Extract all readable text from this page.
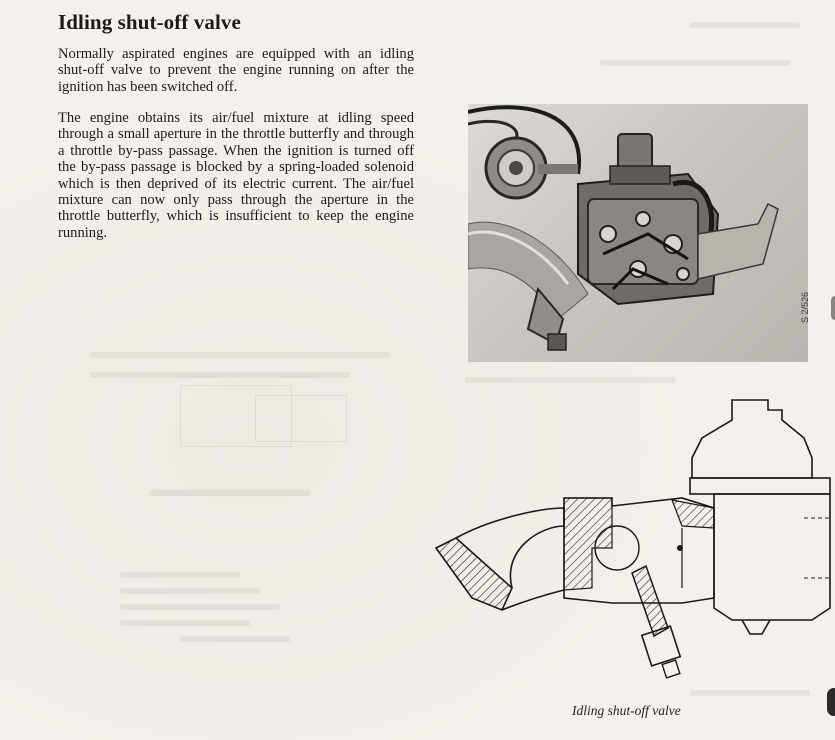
Idling shut-off valve

Normally aspirated engines are equipped with an idling shut-off valve to prevent the engine running on after the ignition has been switched off.

The engine obtains its air/fuel mixture at idling speed through a small aperture in the throttle butterfly and through a throttle by-pass passage. When the ignition is turned off the by-pass passage is blocked by a spring-loaded solenoid which is then deprived of its electric current. The air/fuel mixture can now only pass through the aperture in the throttle butterfly, which is insufficient to keep the engine running.

S 2/526
Idling shut-off valve
